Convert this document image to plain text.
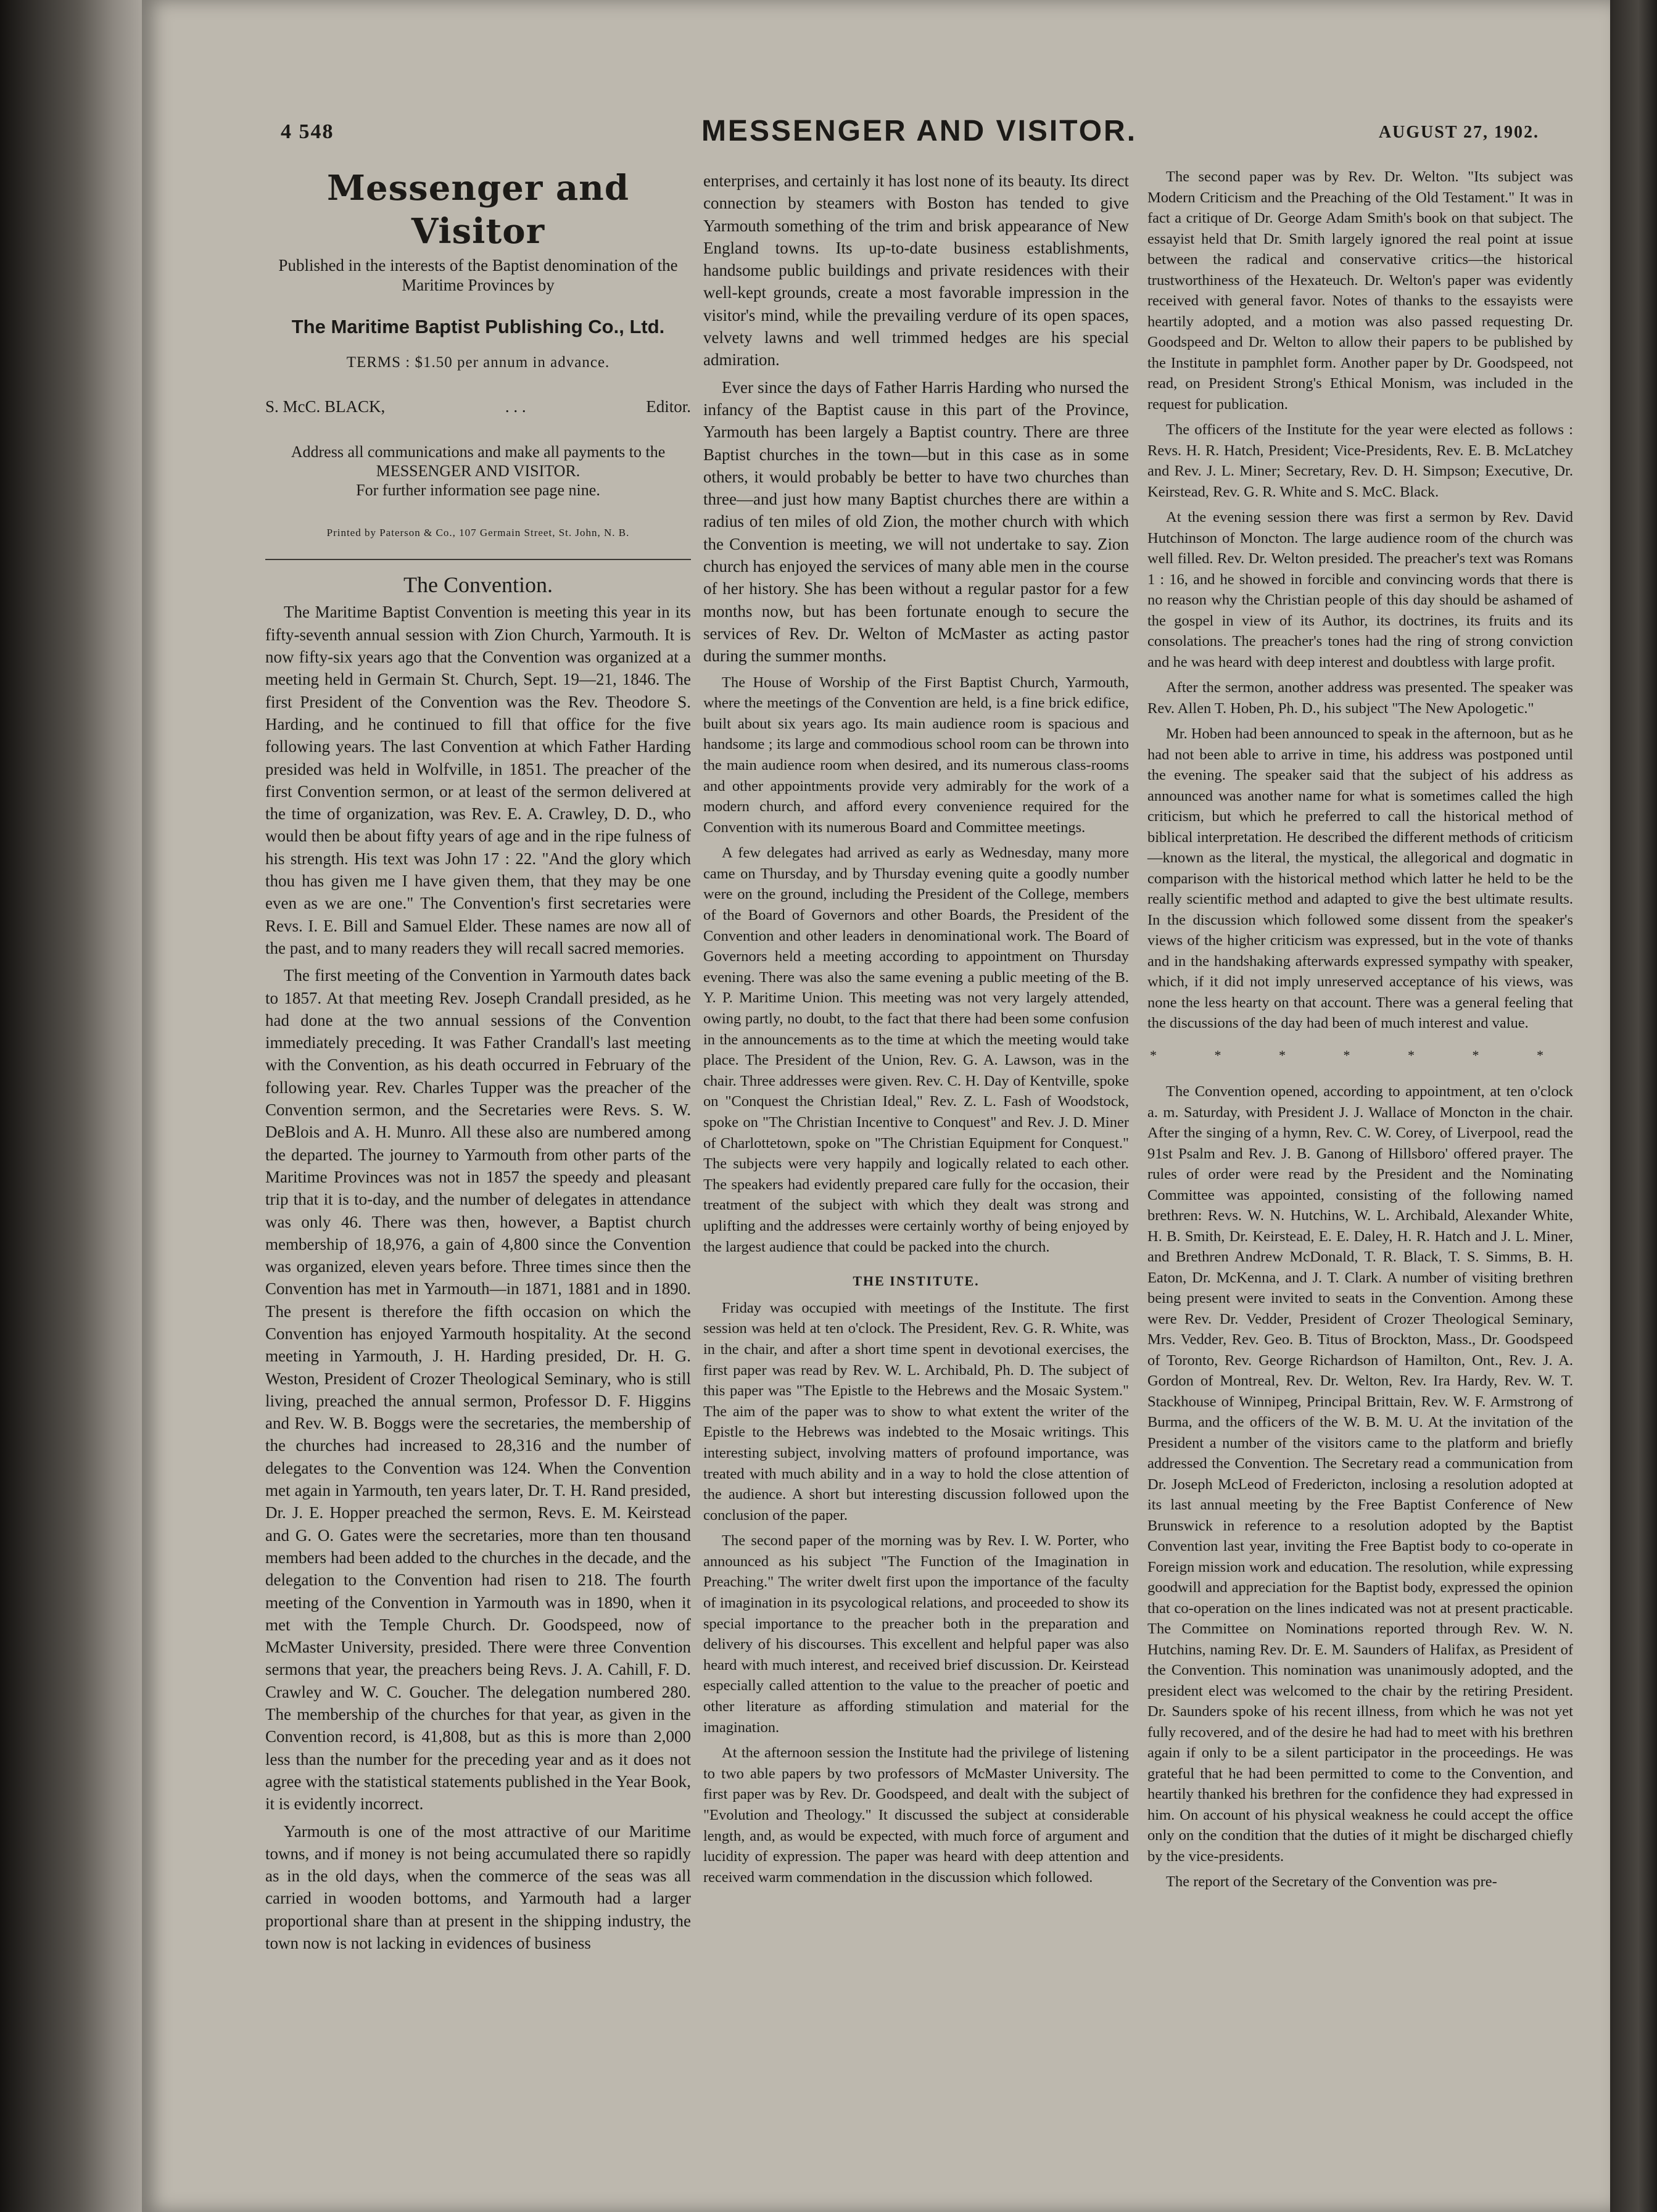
4 548	MESSENGER AND VISITOR.	AUGUST 27, 1902.
Messenger and Visitor
Published in the interests of the Baptist denomination of the Maritime Provinces by
The Maritime Baptist Publishing Co., Ltd.
TERMS : $1.50 per annum in advance.
S. McC. BLACK,	. . .	Editor.
Address all communications and make all payments to the MESSENGER AND VISITOR.
For further information see page nine.
Printed by Paterson & Co., 107 Germain Street, St. John, N. B.
The Convention.

The Maritime Baptist Convention is meeting this year in its fifty-seventh annual session with Zion Church, Yarmouth. It is now fifty-six years ago that the Convention was organized at a meeting held in Germain St. Church, Sept. 19—21, 1846. The first President of the Convention was the Rev. Theodore S. Harding, and he continued to fill that office for the five following years. The last Convention at which Father Harding presided was held in Wolfville, in 1851. The preacher of the first Convention sermon, or at least of the sermon delivered at the time of organization, was Rev. E. A. Crawley, D. D., who would then be about fifty years of age and in the ripe fulness of his strength. His text was John 17 : 22. "And the glory which thou has given me I have given them, that they may be one even as we are one." The Convention's first secretaries were Revs. I. E. Bill and Samuel Elder. These names are now all of the past, and to many readers they will recall sacred memories.

The first meeting of the Convention in Yarmouth dates back to 1857. At that meeting Rev. Joseph Crandall presided, as he had done at the two annual sessions of the Convention immediately preceding. It was Father Crandall's last meeting with the Convention, as his death occurred in February of the following year. Rev. Charles Tupper was the preacher of the Convention sermon, and the Secretaries were Revs. S. W. DeBlois and A. H. Munro. All these also are numbered among the departed. The journey to Yarmouth from other parts of the Maritime Provinces was not in 1857 the speedy and pleasant trip that it is to-day, and the number of delegates in attendance was only 46. There was then, however, a Baptist church membership of 18,976, a gain of 4,800 since the Convention was organized, eleven years before. Three times since then the Convention has met in Yarmouth—in 1871, 1881 and in 1890. The present is therefore the fifth occasion on which the Convention has enjoyed Yarmouth hospitality. At the second meeting in Yarmouth, J. H. Harding presided, Dr. H. G. Weston, President of Crozer Theological Seminary, who is still living, preached the annual sermon, Professor D. F. Higgins and Rev. W. B. Boggs were the secretaries, the membership of the churches had increased to 28,316 and the number of delegates to the Convention was 124. When the Convention met again in Yarmouth, ten years later, Dr. T. H. Rand presided, Dr. J. E. Hopper preached the sermon, Revs. E. M. Keirstead and G. O. Gates were the secretaries, more than ten thousand members had been added to the churches in the decade, and the delegation to the Convention had risen to 218. The fourth meeting of the Convention in Yarmouth was in 1890, when it met with the Temple Church. Dr. Goodspeed, now of McMaster University, presided. There were three Convention sermons that year, the preachers being Revs. J. A. Cahill, F. D. Crawley and W. C. Goucher. The delegation numbered 280. The membership of the churches for that year, as given in the Convention record, is 41,808, but as this is more than 2,000 less than the number for the preceding year and as it does not agree with the statistical statements published in the Year Book, it is evidently incorrect.

Yarmouth is one of the most attractive of our Maritime towns, and if money is not being accumulated there so rapidly as in the old days, when the commerce of the seas was all carried in wooden bottoms, and Yarmouth had a larger proportional share than at present in the shipping industry, the town now is not lacking in evidences of business

enterprises, and certainly it has lost none of its beauty. Its direct connection by steamers with Boston has tended to give Yarmouth something of the trim and brisk appearance of New England towns. Its up-to-date business establishments, handsome public buildings and private residences with their well-kept grounds, create a most favorable impression in the visitor's mind, while the prevailing verdure of its open spaces, velvety lawns and well trimmed hedges are his special admiration.

Ever since the days of Father Harris Harding who nursed the infancy of the Baptist cause in this part of the Province, Yarmouth has been largely a Baptist country. There are three Baptist churches in the town—but in this case as in some others, it would probably be better to have two churches than three—and just how many Baptist churches there are within a radius of ten miles of old Zion, the mother church with which the Convention is meeting, we will not undertake to say. Zion church has enjoyed the services of many able men in the course of her history. She has been without a regular pastor for a few months now, but has been fortunate enough to secure the services of Rev. Dr. Welton of McMaster as acting pastor during the summer months.

The House of Worship of the First Baptist Church, Yarmouth, where the meetings of the Convention are held, is a fine brick edifice, built about six years ago. Its main audience room is spacious and handsome ; its large and commodious school room can be thrown into the main audience room when desired, and its numerous class-rooms and other appointments provide very admirably for the work of a modern church, and afford every convenience required for the Convention with its numerous Board and Committee meetings.

A few delegates had arrived as early as Wednesday, many more came on Thursday, and by Thursday evening quite a goodly number were on the ground, including the President of the College, members of the Board of Governors and other Boards, the President of the Convention and other leaders in denominational work. The Board of Governors held a meeting according to appointment on Thursday evening. There was also the same evening a public meeting of the B. Y. P. Maritime Union. This meeting was not very largely attended, owing partly, no doubt, to the fact that there had been some confusion in the announcements as to the time at which the meeting would take place. The President of the Union, Rev. G. A. Lawson, was in the chair. Three addresses were given. Rev. C. H. Day of Kentville, spoke on "Conquest the Christian Ideal," Rev. Z. L. Fash of Woodstock, spoke on "The Christian Incentive to Conquest" and Rev. J. D. Miner of Charlottetown, spoke on "The Christian Equipment for Conquest." The subjects were very happily and logically related to each other. The speakers had evidently prepared care fully for the occasion, their treatment of the subject with which they dealt was strong and uplifting and the addresses were certainly worthy of being enjoyed by the largest audience that could be packed into the church.

THE INSTITUTE.

Friday was occupied with meetings of the Institute. The first session was held at ten o'clock. The President, Rev. G. R. White, was in the chair, and after a short time spent in devotional exercises, the first paper was read by Rev. W. L. Archibald, Ph. D. The subject of this paper was "The Epistle to the Hebrews and the Mosaic System." The aim of the paper was to show to what extent the writer of the Epistle to the Hebrews was indebted to the Mosaic writings. This interesting subject, involving matters of profound importance, was treated with much ability and in a way to hold the close attention of the audience. A short but interesting discussion followed upon the conclusion of the paper.

The second paper of the morning was by Rev. I. W. Porter, who announced as his subject "The Function of the Imagination in Preaching." The writer dwelt first upon the importance of the faculty of imagination in its psycological relations, and proceeded to show its special importance to the preacher both in the preparation and delivery of his discourses. This excellent and helpful paper was also heard with much interest, and received brief discussion. Dr. Keirstead especially called attention to the value to the preacher of poetic and other literature as affording stimulation and material for the imagination.

At the afternoon session the Institute had the privilege of listening to two able papers by two professors of McMaster University. The first paper was by Rev. Dr. Goodspeed, and dealt with the subject of "Evolution and Theology." It discussed the subject at considerable length, and, as would be expected, with much force of argument and lucidity of expression. The paper was heard with deep attention and received warm commendation in the discussion which followed.

The second paper was by Rev. Dr. Welton. "Its subject was Modern Criticism and the Preaching of the Old Testament." It was in fact a critique of Dr. George Adam Smith's book on that subject. The essayist held that Dr. Smith largely ignored the real point at issue between the radical and conservative critics—the historical trustworthiness of the Hexateuch. Dr. Welton's paper was evidently received with general favor. Notes of thanks to the essayists were heartily adopted, and a motion was also passed requesting Dr. Goodspeed and Dr. Welton to allow their papers to be published by the Institute in pamphlet form. Another paper by Dr. Goodspeed, not read, on President Strong's Ethical Monism, was included in the request for publication.

The officers of the Institute for the year were elected as follows : Revs. H. R. Hatch, President; Vice-Presidents, Rev. E. B. McLatchey and Rev. J. L. Miner; Secretary, Rev. D. H. Simpson; Executive, Dr. Keirstead, Rev. G. R. White and S. McC. Black.

At the evening session there was first a sermon by Rev. David Hutchinson of Moncton. The large audience room of the church was well filled. Rev. Dr. Welton presided. The preacher's text was Romans 1 : 16, and he showed in forcible and convincing words that there is no reason why the Christian people of this day should be ashamed of the gospel in view of its Author, its doctrines, its fruits and its consolations. The preacher's tones had the ring of strong conviction and he was heard with deep interest and doubtless with large profit.

After the sermon, another address was presented. The speaker was Rev. Allen T. Hoben, Ph. D., his subject "The New Apologetic."

Mr. Hoben had been announced to speak in the afternoon, but as he had not been able to arrive in time, his address was postponed until the evening. The speaker said that the subject of his address as announced was another name for what is sometimes called the high criticism, but which he preferred to call the historical method of biblical interpretation. He described the different methods of criticism—known as the literal, the mystical, the allegorical and dogmatic in comparison with the historical method which latter he held to be the really scientific method and adapted to give the best ultimate results. In the discussion which followed some dissent from the speaker's views of the higher criticism was expressed, but in the vote of thanks and in the handshaking afterwards expressed sympathy with speaker, which, if it did not imply unreserved acceptance of his views, was none the less hearty on that account. There was a general feeling that the discussions of the day had been of much interest and value.

* * * * * * *

The Convention opened, according to appointment, at ten o'clock a. m. Saturday, with President J. J. Wallace of Moncton in the chair. After the singing of a hymn, Rev. C. W. Corey, of Liverpool, read the 91st Psalm and Rev. J. B. Ganong of Hillsboro' offered prayer. The rules of order were read by the President and the Nominating Committee was appointed, consisting of the following named brethren: Revs. W. N. Hutchins, W. L. Archibald, Alexander White, H. B. Smith, Dr. Keirstead, E. E. Daley, H. R. Hatch and J. L. Miner, and Brethren Andrew McDonald, T. R. Black, T. S. Simms, B. H. Eaton, Dr. McKenna, and J. T. Clark. A number of visiting brethren being present were invited to seats in the Convention. Among these were Rev. Dr. Vedder, President of Crozer Theological Seminary, Mrs. Vedder, Rev. Geo. B. Titus of Brockton, Mass., Dr. Goodspeed of Toronto, Rev. George Richardson of Hamilton, Ont., Rev. J. A. Gordon of Montreal, Rev. Dr. Welton, Rev. Ira Hardy, Rev. W. T. Stackhouse of Winnipeg, Principal Brittain, Rev. W. F. Armstrong of Burma, and the officers of the W. B. M. U. At the invitation of the President a number of the visitors came to the platform and briefly addressed the Convention. The Secretary read a communication from Dr. Joseph McLeod of Fredericton, inclosing a resolution adopted at its last annual meeting by the Free Baptist Conference of New Brunswick in reference to a resolution adopted by the Baptist Convention last year, inviting the Free Baptist body to co-operate in Foreign mission work and education. The resolution, while expressing goodwill and appreciation for the Baptist body, expressed the opinion that co-operation on the lines indicated was not at present practicable. The Committee on Nominations reported through Rev. W. N. Hutchins, naming Rev. Dr. E. M. Saunders of Halifax, as President of the Convention. This nomination was unanimously adopted, and the president elect was welcomed to the chair by the retiring President. Dr. Saunders spoke of his recent illness, from which he was not yet fully recovered, and of the desire he had had to meet with his brethren again if only to be a silent participator in the proceedings. He was grateful that he had been permitted to come to the Convention, and heartily thanked his brethren for the confidence they had expressed in him. On account of his physical weakness he could accept the office only on the condition that the duties of it might be discharged chiefly by the vice-presidents.

The report of the Secretary of the Convention was pre-
